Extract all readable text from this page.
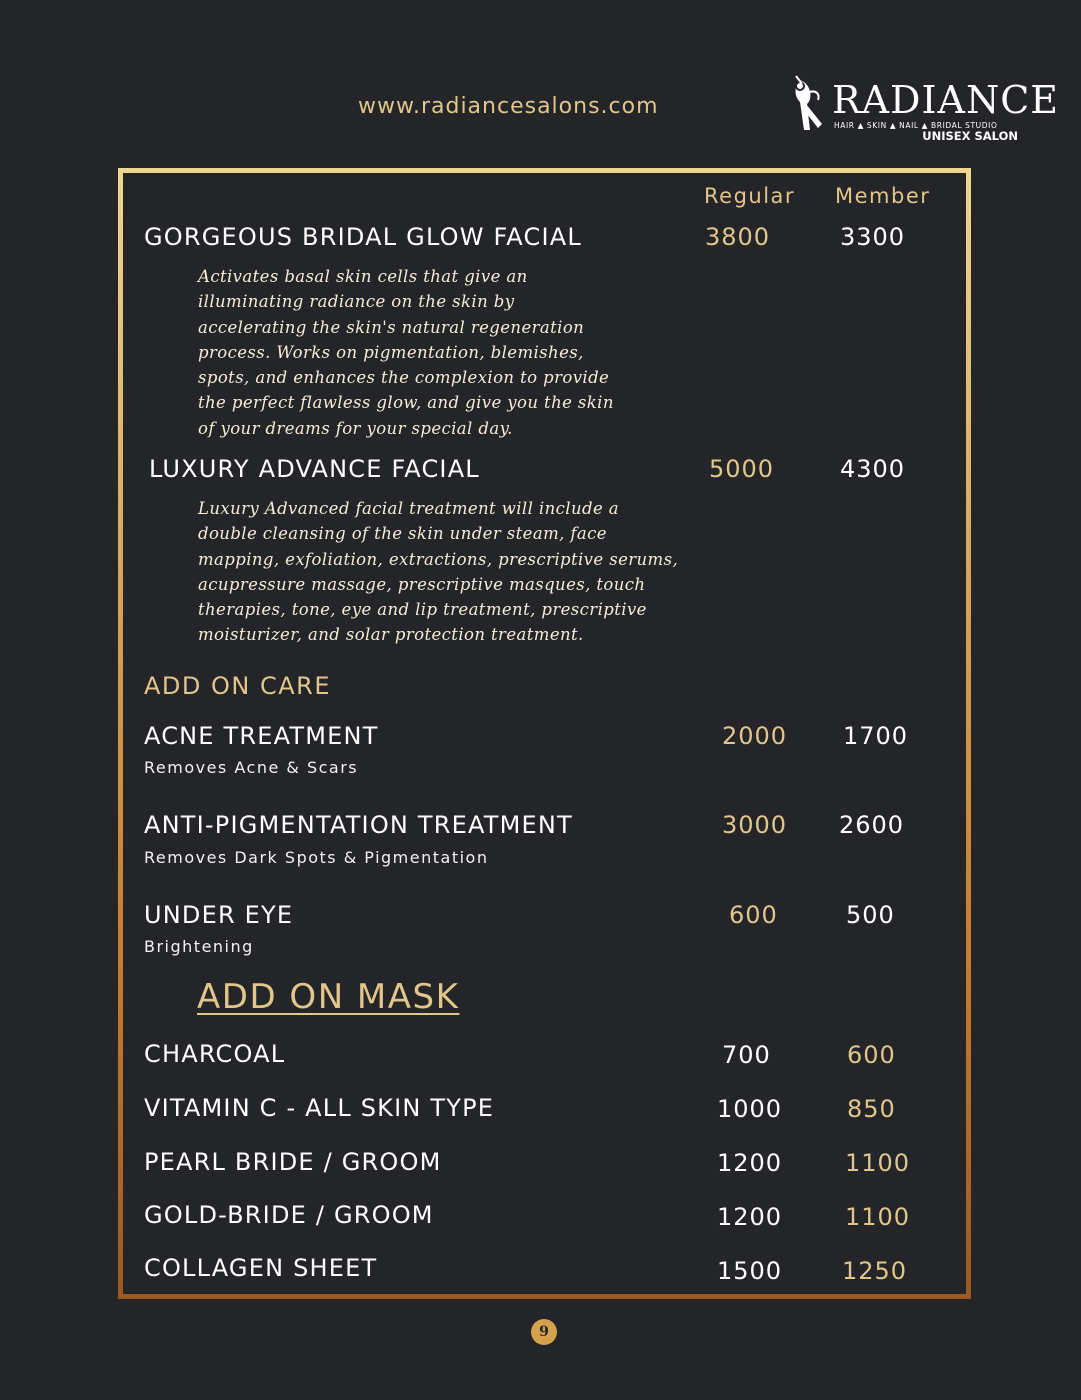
www.radiancesalons.com	RADIANCE
HAIR ▲ SKIN ▲ NAIL ▲ BRIDAL STUDIO
UNISEX SALON
Regular Member
GORGEOUS BRIDAL GLOW FACIAL	3800	3300
Activates basal skin cells that give an illuminating radiance on the skin by accelerating the skin's natural regeneration process. Works on pigmentation, blemishes, spots, and enhances the complexion to provide the perfect flawless glow, and give you the skin of your dreams for your special day.
LUXURY ADVANCE FACIAL	5000	4300
Luxury Advanced facial treatment will include a double cleansing of the skin under steam, face mapping, exfoliation, extractions, prescriptive serums, acupressure massage, prescriptive masques, touch therapies, tone, eye and lip treatment, prescriptive moisturizer, and solar protection treatment.
ADD ON CARE
ACNE TREATMENT
Removes Acne & Scars
2000 1700
ANTI-PIGMENTATION TREATMENT
Removes Dark Spots & Pigmentation
3000 2600
UNDER EYE
Brightening
600	500
ADD ON MASK
CHARCOAL	700	600
VITAMIN C - ALL SKIN TYPE	1000	850
PEARL BRIDE / GROOM	1200	1100
GOLD-BRIDE / GROOM	1200	1100
COLLAGEN SHEET	1500 1250
9
